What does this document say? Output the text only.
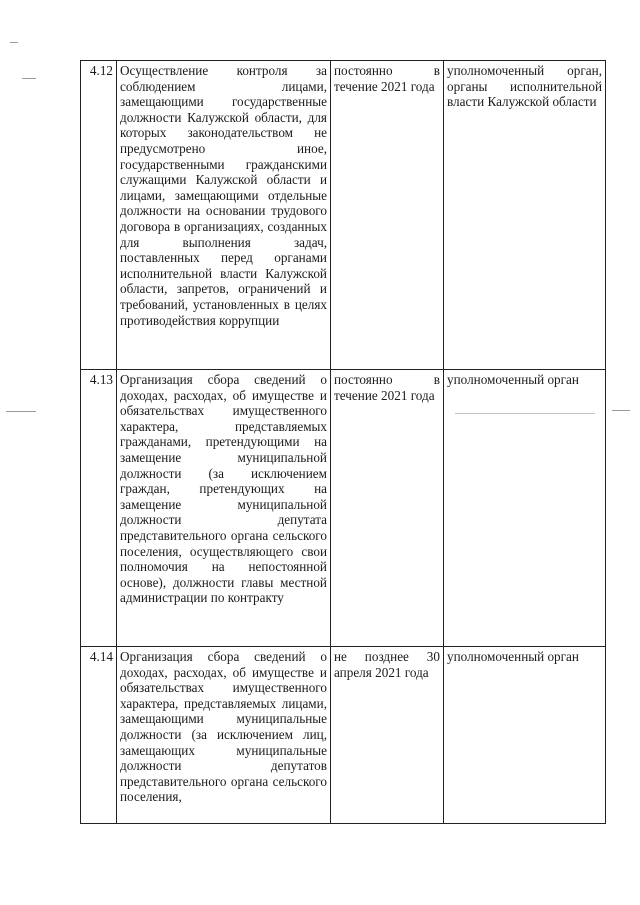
4.12	Осуществление контроля за соблюдением лицами, замещающими государственные должности Калужской области, для которых законодательством не предусмотрено иное, государственными гражданскими служащими Калужской области и лицами, замещающими отдельные должности на основании трудового договора в организациях, созданных для выполнения задач, поставленных перед органами исполнительной власти Калужской области, запретов, ограничений и требований, установленных в целях противодействия коррупции	постоянно в течение 2021 года	уполномоченный орган, органы исполнительной власти Калужской области
4.13	Организация сбора сведений о доходах, расходах, об имуществе и обязательствах имущественного характера, представляемых гражданами, претендующими на замещение муниципальной должности (за исключением граждан, претендующих на замещение муниципальной должности депутата представительного органа сельского поселения, осуществляющего свои полномочия на непостоянной основе), должности главы местной администрации по контракту	постоянно в течение 2021 года	уполномоченный орган
4.14	Организация сбора сведений о доходах, расходах, об имуществе и обязательствах имущественного характера, представляемых лицами, замещающими муниципальные должности (за исключением лиц, замещающих муниципальные должности депутатов представительного органа сельского поселения,	не позднее 30 апреля 2021 года	уполномоченный орган
